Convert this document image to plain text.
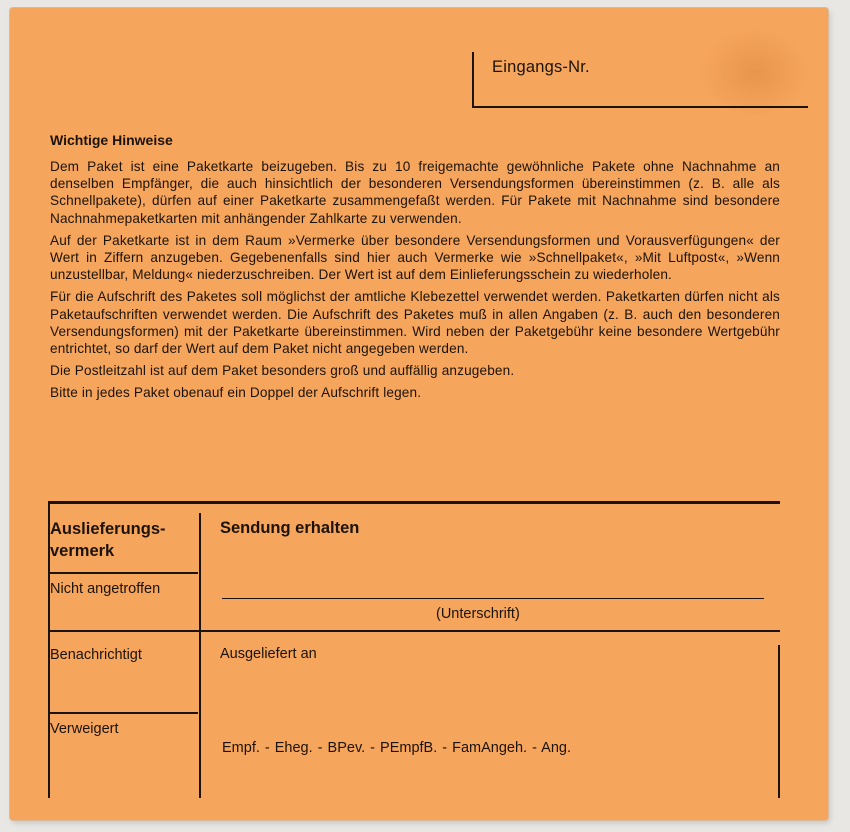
Eingangs-Nr.
Wichtige Hinweise

Dem Paket ist eine Paketkarte beizugeben. Bis zu 10 freigemachte gewöhnliche Pakete ohne Nachnahme an denselben Empfänger, die auch hinsichtlich der besonderen Versendungsformen übereinstimmen (z. B. alle als Schnellpakete), dürfen auf einer Paketkarte zusammengefaßt werden. Für Pakete mit Nachnahme sind besondere Nachnahmepaketkarten mit anhängender Zahlkarte zu verwenden.

Auf der Paketkarte ist in dem Raum »Vermerke über besondere Versendungsformen und Vorausverfügungen« der Wert in Ziffern anzugeben. Gegebenenfalls sind hier auch Vermerke wie »Schnellpaket«, »Mit Luftpost«, »Wenn unzustellbar, Meldung« niederzuschreiben. Der Wert ist auf dem Einlieferungsschein zu wiederholen.

Für die Aufschrift des Paketes soll möglichst der amtliche Klebezettel verwendet werden. Paketkarten dürfen nicht als Paketaufschriften verwendet werden. Die Aufschrift des Paketes muß in allen Angaben (z. B. auch den besonderen Versendungsformen) mit der Paketkarte übereinstimmen. Wird neben der Paketgebühr keine besondere Wertgebühr entrichtet, so darf der Wert auf dem Paket nicht angegeben werden.

Die Postleitzahl ist auf dem Paket besonders groß und auffällig anzugeben.

Bitte in jedes Paket obenauf ein Doppel der Aufschrift legen.

Auslieferungs-
vermerk
Nicht angetroffen
Benachrichtigt
Verweigert
Sendung erhalten
(Unterschrift)
Ausgeliefert an
Empf. - Eheg. - BPev. - PEmpfB. - FamAngeh. - Ang.
